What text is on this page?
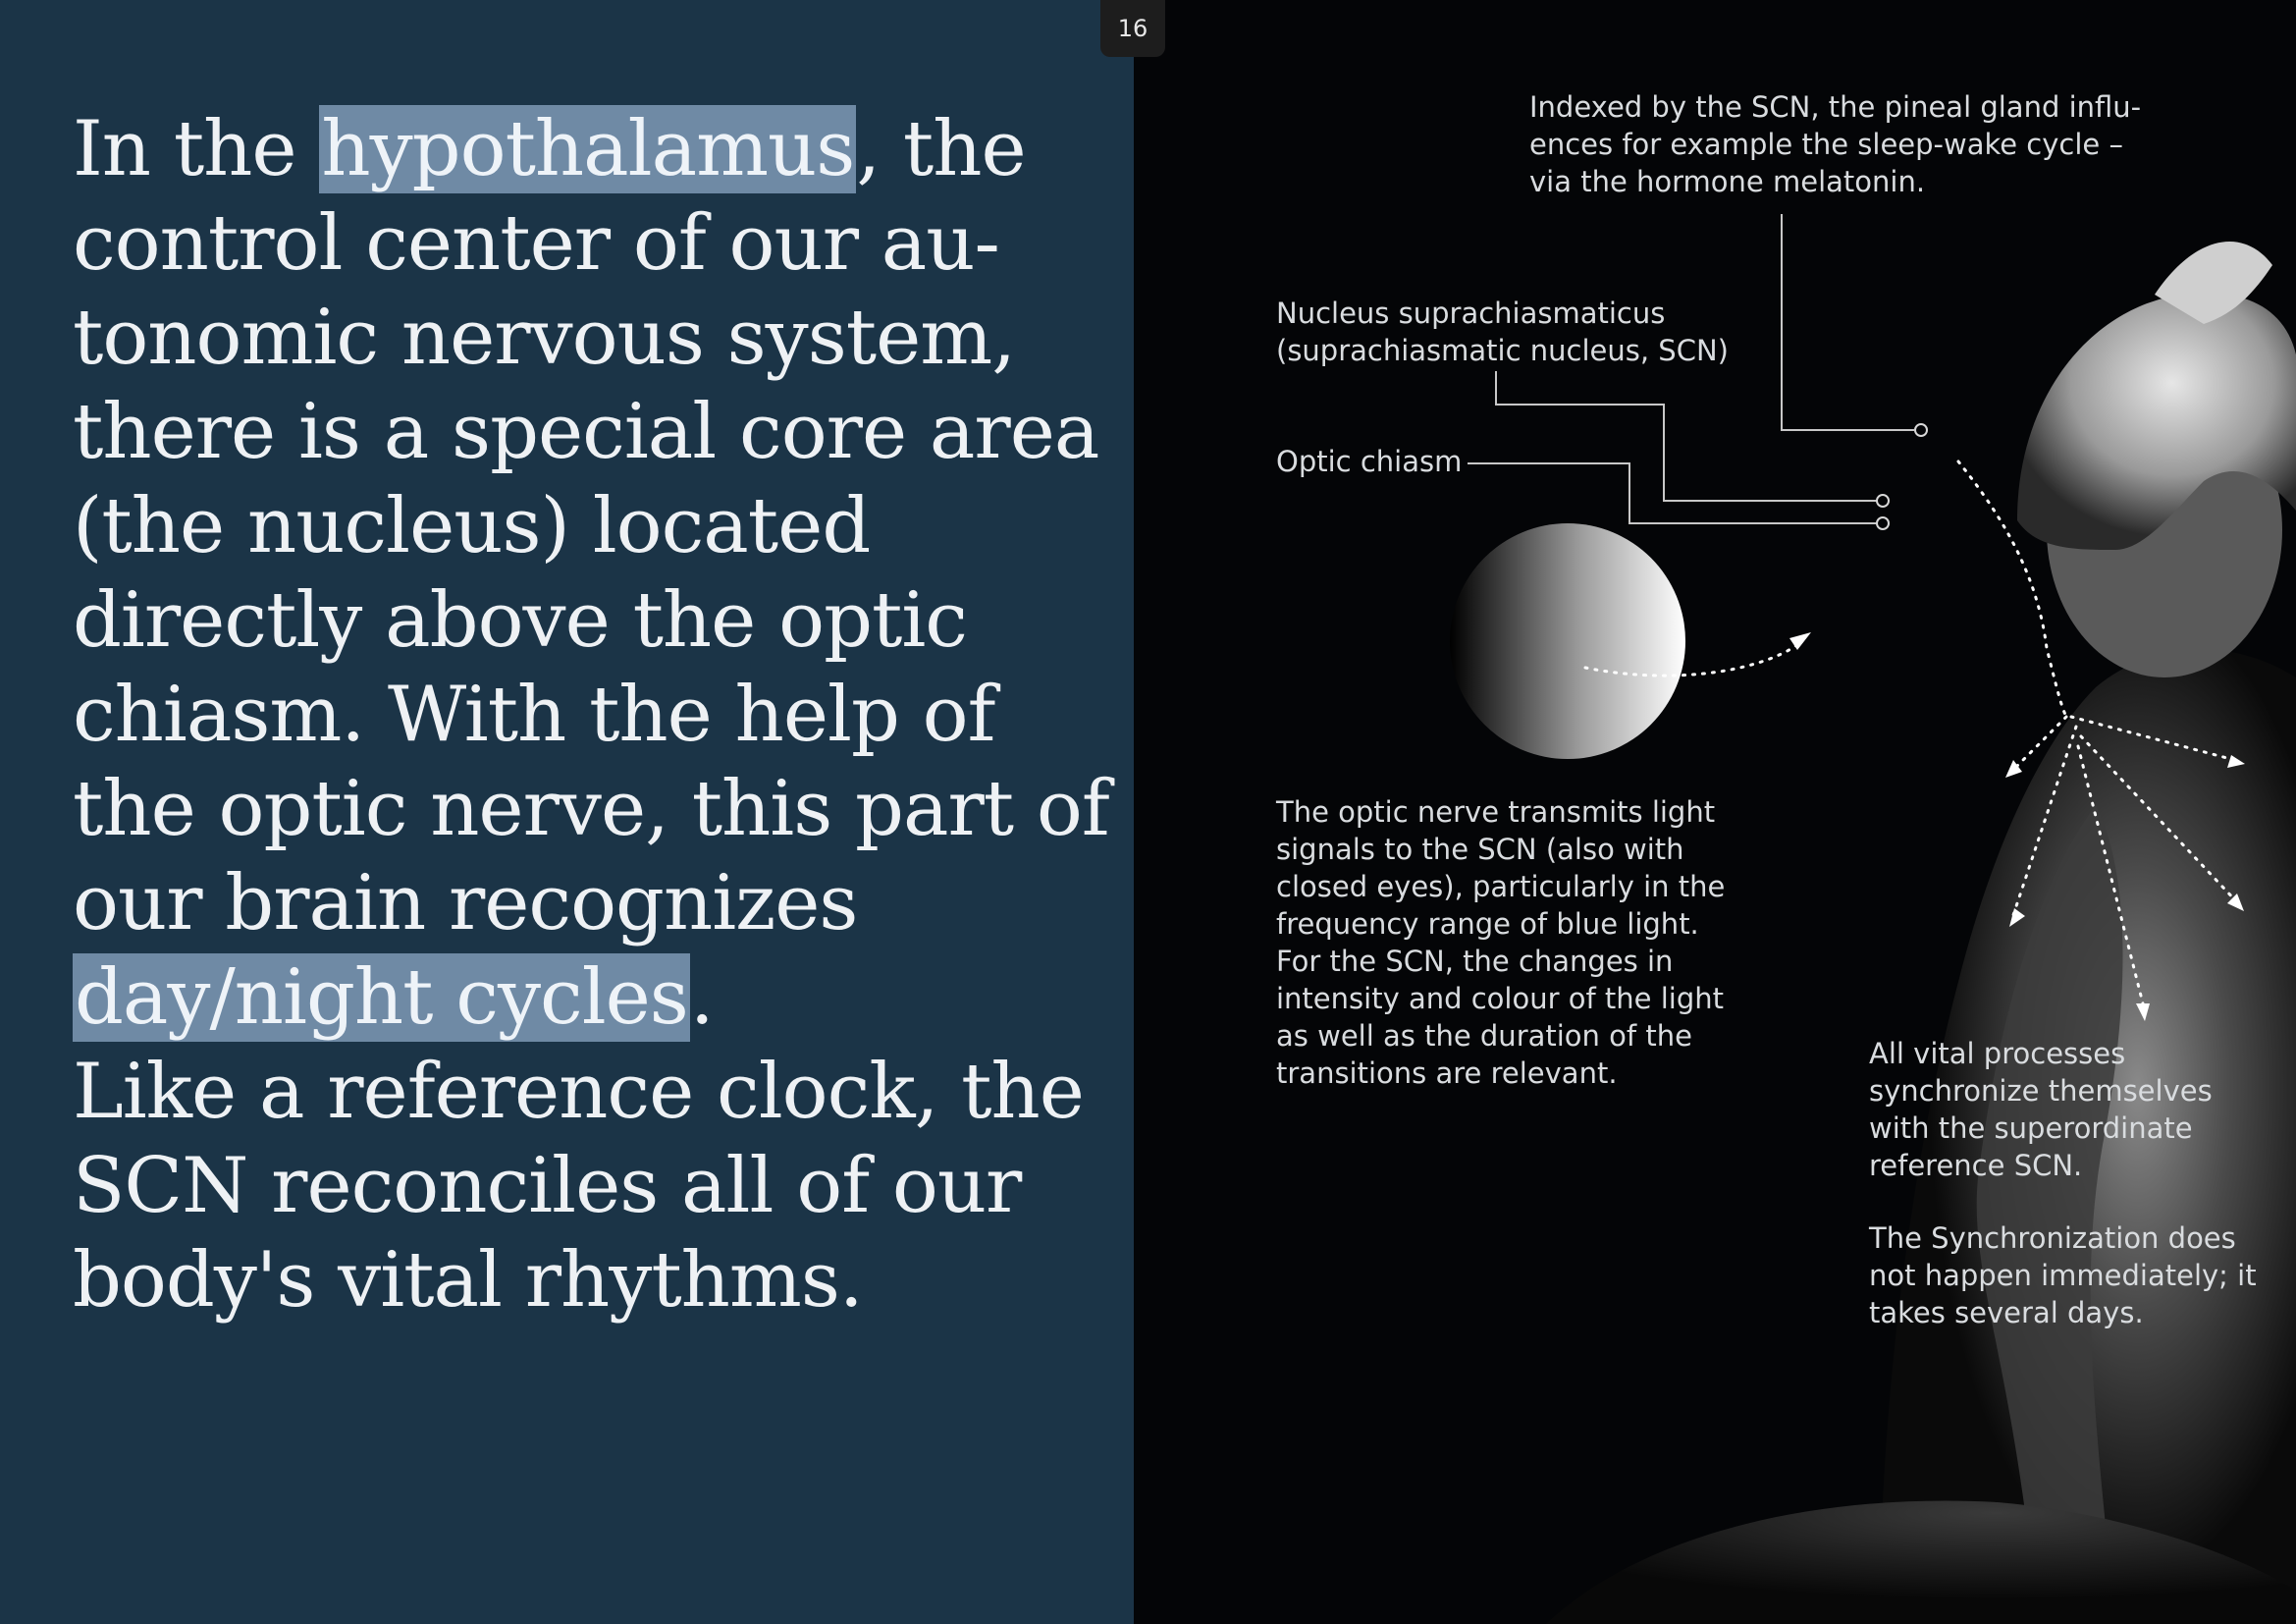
In the hypothalamus, the control center of our au-tonomic nervous system, there is a special core area (the nucleus) located directly above the optic chiasm. With the help of the optic nerve, this part of our brain recognizes day/night cycles.
Like a reference clock, the SCN reconciles all of our body's vital rhythms.

Indexed by the SCN, the pineal gland influ-ences for example the sleep-wake cycle – via the hormone melatonin.

Nucleus suprachiasmaticus (suprachiasmatic nucleus, SCN)

Optic chiasm

The optic nerve transmits light signals to the SCN (also with closed eyes), particularly in the frequency range of blue light. For the SCN, the changes in intensity and colour of the light as well as the duration of the transitions are relevant.

All vital processes synchronize themselves with the superordinate reference SCN.

The Synchronization does not happen immediately; it takes several days.

16
